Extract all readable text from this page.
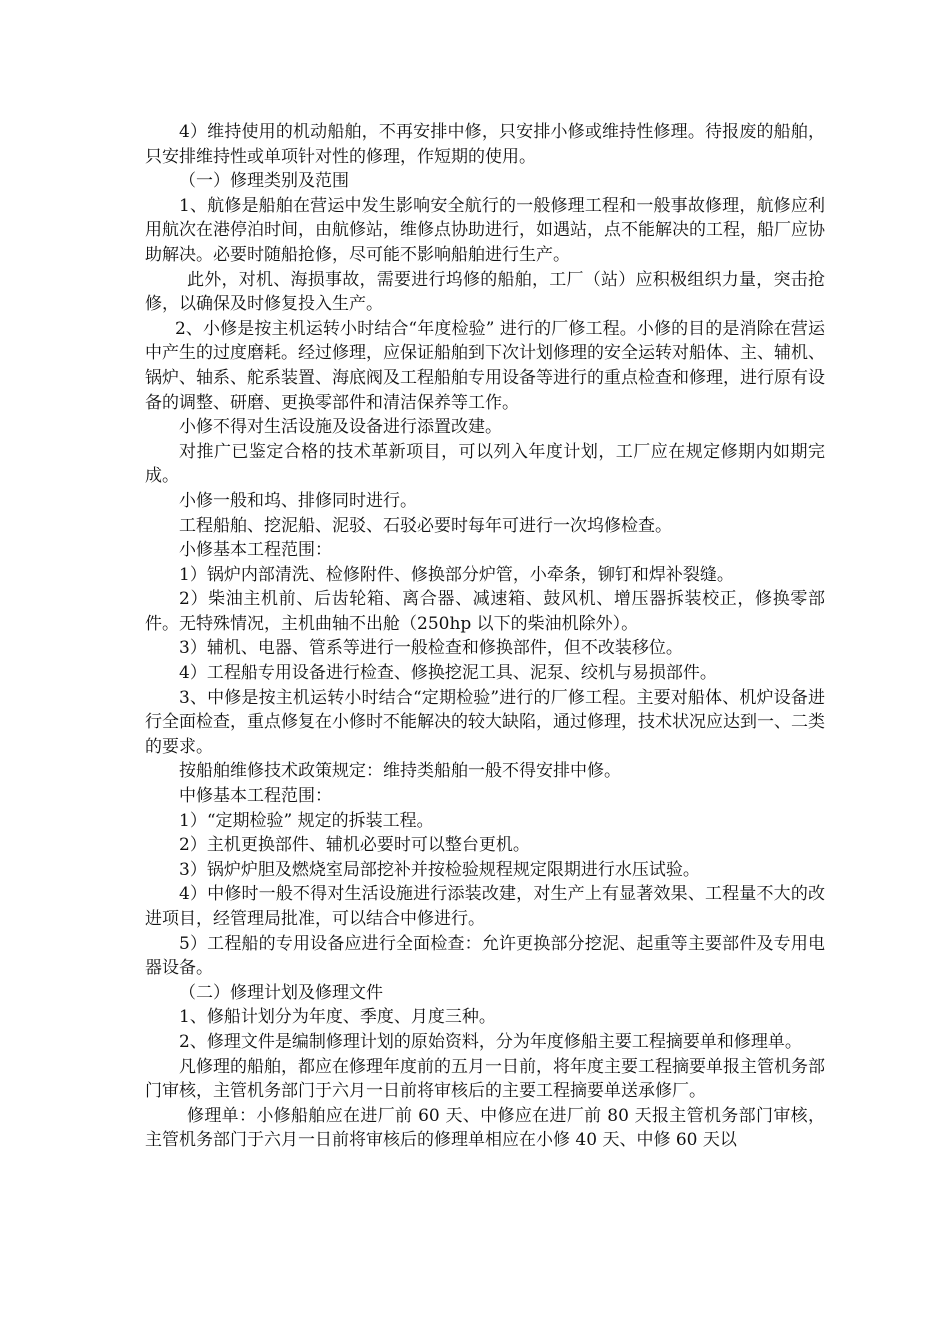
4）维持使用的机动船舶，不再安排中修，只安排小修或维持性修理。待报废的船舶，只安排维持性或单项针对性的修理，作短期的使用。

（一）修理类别及范围

1、航修是船舶在营运中发生影响安全航行的一般修理工程和一般事故修理，航修应利用航次在港停泊时间，由航修站，维修点协助进行，如遇站，点不能解决的工程，船厂应协助解决。必要时随船抢修，尽可能不影响船舶进行生产。

此外，对机、海损事故，需要进行坞修的船舶，工厂（站）应积极组织力量，突击抢修，以确保及时修复投入生产。

2、小修是按主机运转小时结合“年度检验” 进行的厂修工程。小修的目的是消除在营运中产生的过度磨耗。经过修理，应保证船舶到下次计划修理的安全运转对船体、主、辅机、锅炉、轴系、舵系装置、海底阀及工程船舶专用设备等进行的重点检查和修理，进行原有设备的调整、研磨、更换零部件和清洁保养等工作。

小修不得对生活设施及设备进行添置改建。

对推广已鉴定合格的技术革新项目，可以列入年度计划，工厂应在规定修期内如期完成。

小修一般和坞、排修同时进行。

工程船舶、挖泥船、泥驳、石驳必要时每年可进行一次坞修检查。

小修基本工程范围：

1）锅炉内部清洗、检修附件、修换部分炉管，小牵条，铆钉和焊补裂缝。

2）柴油主机前、后齿轮箱、离合器、减速箱、鼓风机、增压器拆装校正，修换零部件。无特殊情况，主机曲轴不出舱（250hp 以下的柴油机除外）。

3）辅机、电器、管系等进行一般检查和修换部件，但不改装移位。

4）工程船专用设备进行检查、修换挖泥工具、泥泵、绞机与易损部件。

3、中修是按主机运转小时结合“定期检验”进行的厂修工程。主要对船体、机炉设备进行全面检查，重点修复在小修时不能解决的较大缺陷，通过修理，技术状况应达到一、二类的要求。

按船舶维修技术政策规定：维持类船舶一般不得安排中修。

中修基本工程范围：

1）“定期检验” 规定的拆装工程。

2）主机更换部件、辅机必要时可以整台更机。

3）锅炉炉胆及燃烧室局部挖补并按检验规程规定限期进行水压试验。

4）中修时一般不得对生活设施进行添装改建，对生产上有显著效果、工程量不大的改进项目，经管理局批准，可以结合中修进行。

5）工程船的专用设备应进行全面检查：允许更换部分挖泥、起重等主要部件及专用电器设备。

（二）修理计划及修理文件

1、修船计划分为年度、季度、月度三种。

2、修理文件是编制修理计划的原始资料，分为年度修船主要工程摘要单和修理单。

凡修理的船舶，都应在修理年度前的五月一日前，将年度主要工程摘要单报主管机务部门审核，主管机务部门于六月一日前将审核后的主要工程摘要单送承修厂。

修理单：小修船舶应在进厂前 60 天、中修应在进厂前 80 天报主管机务部门审核，主管机务部门于六月一日前将审核后的修理单相应在小修 40 天、中修 60 天以
